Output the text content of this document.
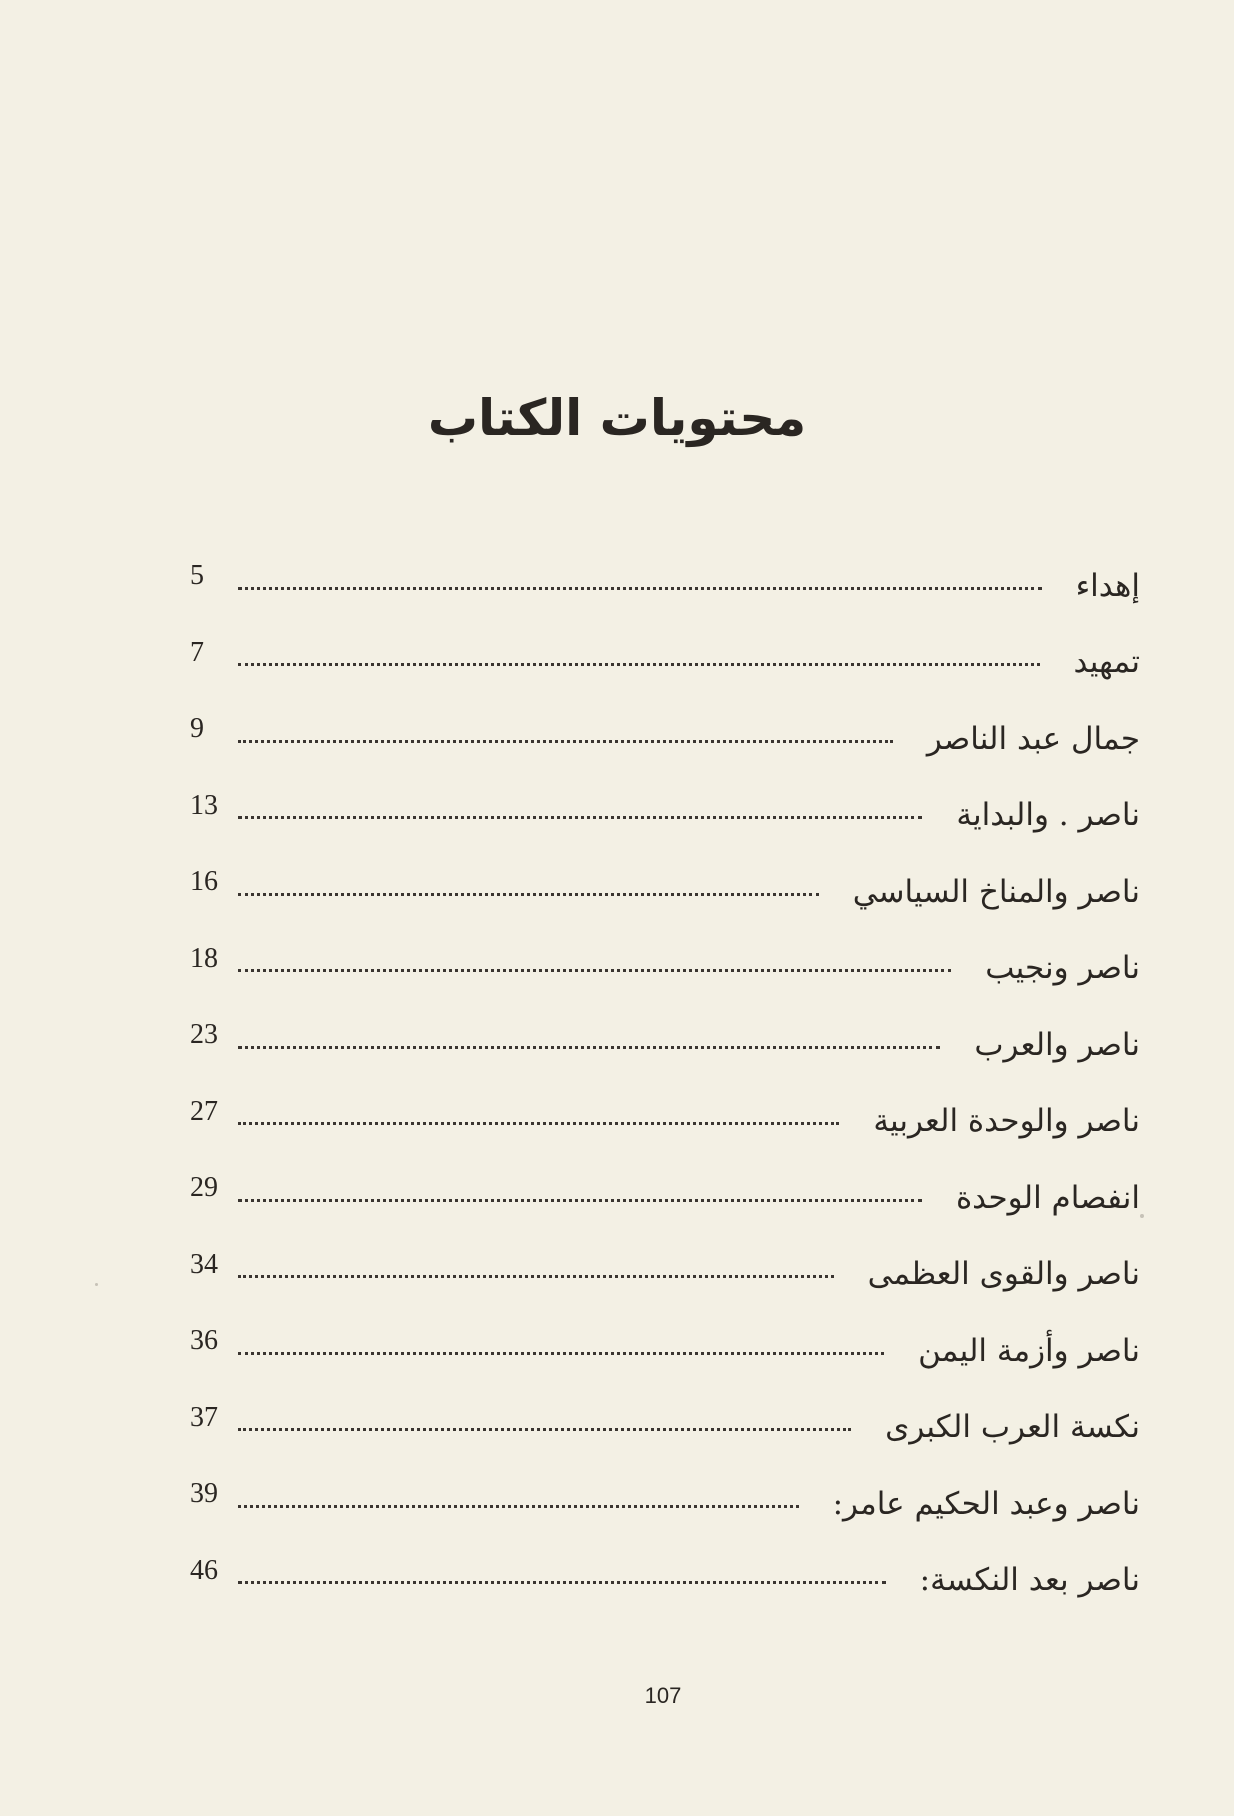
محتويات الكتاب
5	إهداء
7	تمهيد
9	جمال عبد الناصر
13	ناصر . والبداية
16	ناصر والمناخ السياسي
18	ناصر ونجيب
23	ناصر والعرب
27	ناصر والوحدة العربية
29	انفصام الوحدة
34	ناصر والقوى العظمى
36	ناصر وأزمة اليمن
37	نكسة العرب الكبرى
39	ناصر وعبد الحكيم عامر:
46	ناصر بعد النكسة:
107
